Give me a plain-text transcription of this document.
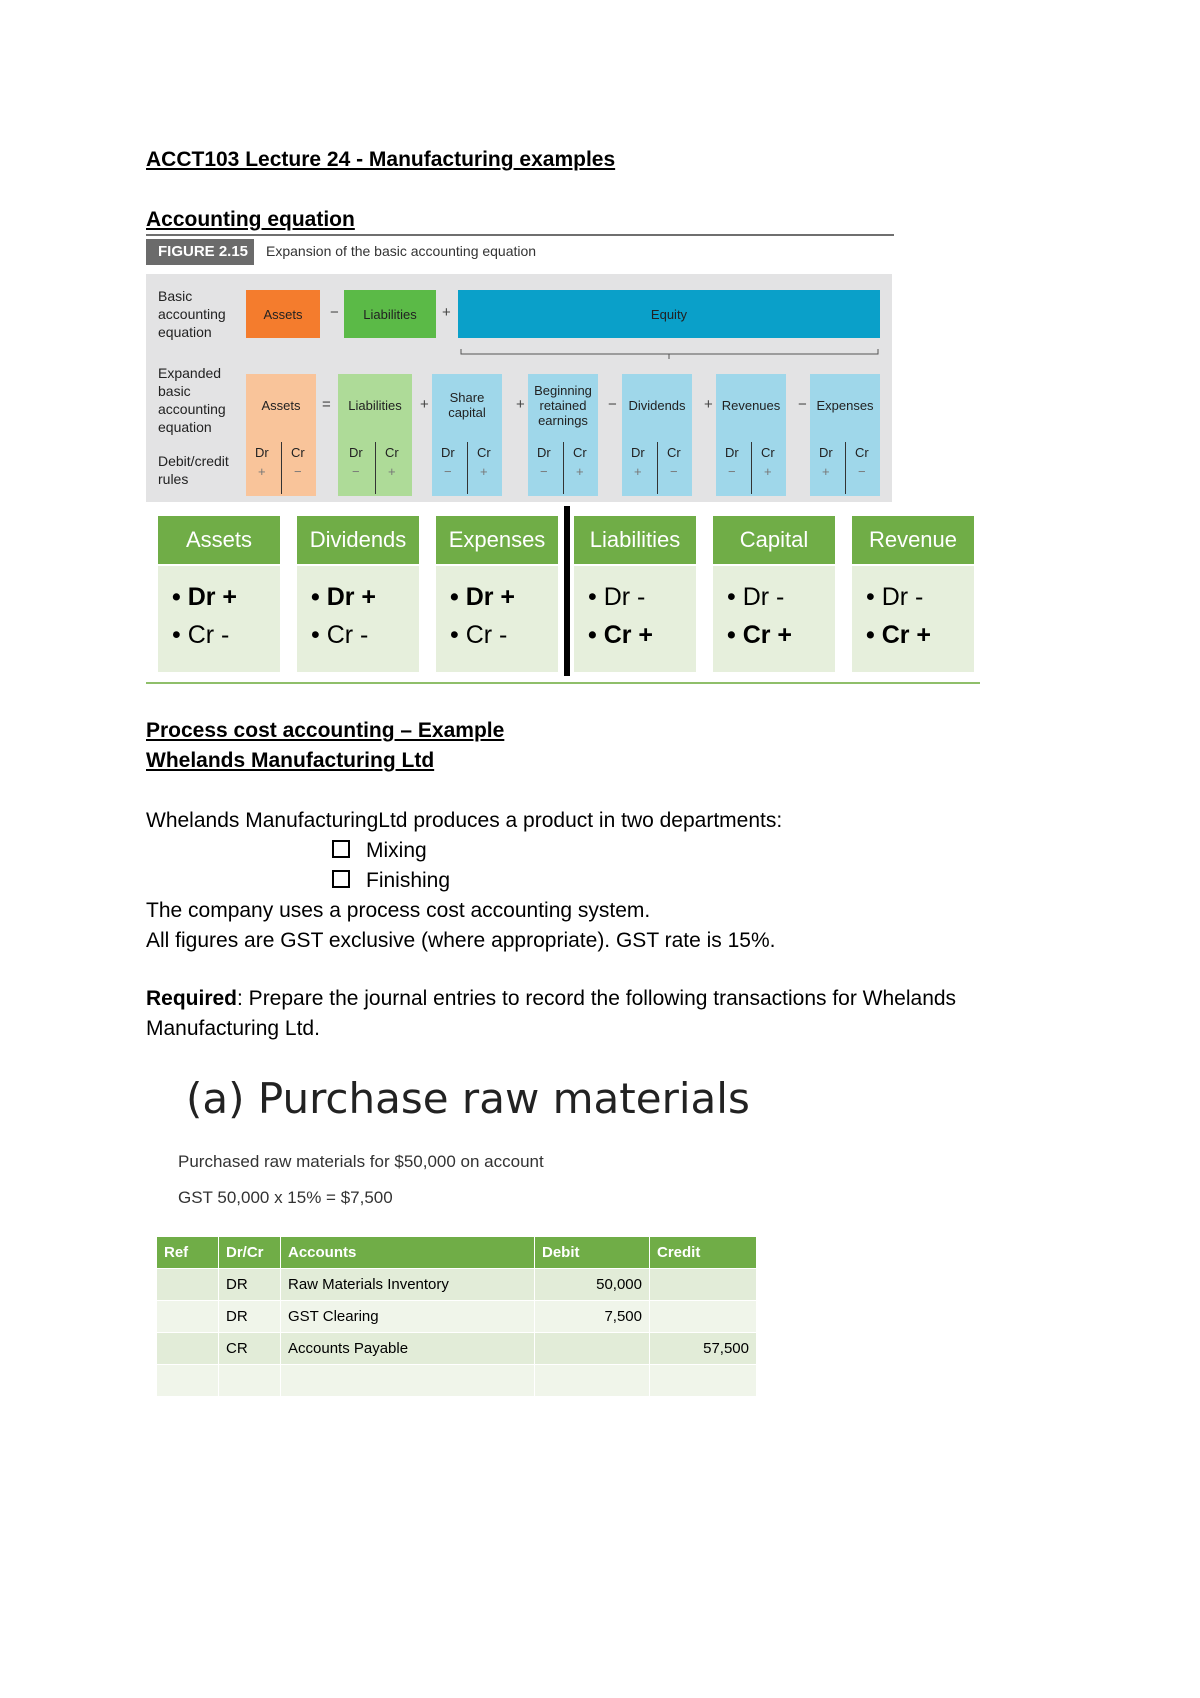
ACCT103 Lecture 24 - Manufacturing examples
Accounting equation
FIGURE 2.15	Expansion of the basic accounting equation
Basic accounting equation
Expanded basic accounting equation
Debit/credit rules
Assets	−	Liabilities	+	Equity
Process cost accounting – Example
Whelands Manufacturing Ltd
Whelands ManufacturingLtd produces a product in two departments:
Mixing
Finishing
The company uses a process cost accounting system.
All figures are GST exclusive (where appropriate). GST rate is 15%.
Required: Prepare the journal entries to record the following transactions for Whelands
Manufacturing Ltd.
(a) Purchase raw materials
Purchased raw materials for $50,000 on account
GST 50,000 x 15% = $7,500
Ref	Dr/Cr	Accounts	Debit	Credit
	DR	Raw Materials Inventory	50,000	
	DR	GST Clearing	7,500	
	CR	Accounts Payable		57,500

Assets
Dr Cr
+ −
Liabilities
Dr Cr
− +
Share capital
Dr Cr
− +
Beginning retained earnings
Dr Cr
− +
Dividends
Dr Cr
+ −
Revenues
Dr Cr
− +
Expenses
Dr Cr
+ −
=	+	+	−	+	−
Assets
• Dr +
• Cr -
Dividends
• Dr +
• Cr -
Expenses
• Dr +
• Cr -
Liabilities
• Dr -
• Cr +
Capital
• Dr -
• Cr +
Revenue
• Dr -
• Cr +
